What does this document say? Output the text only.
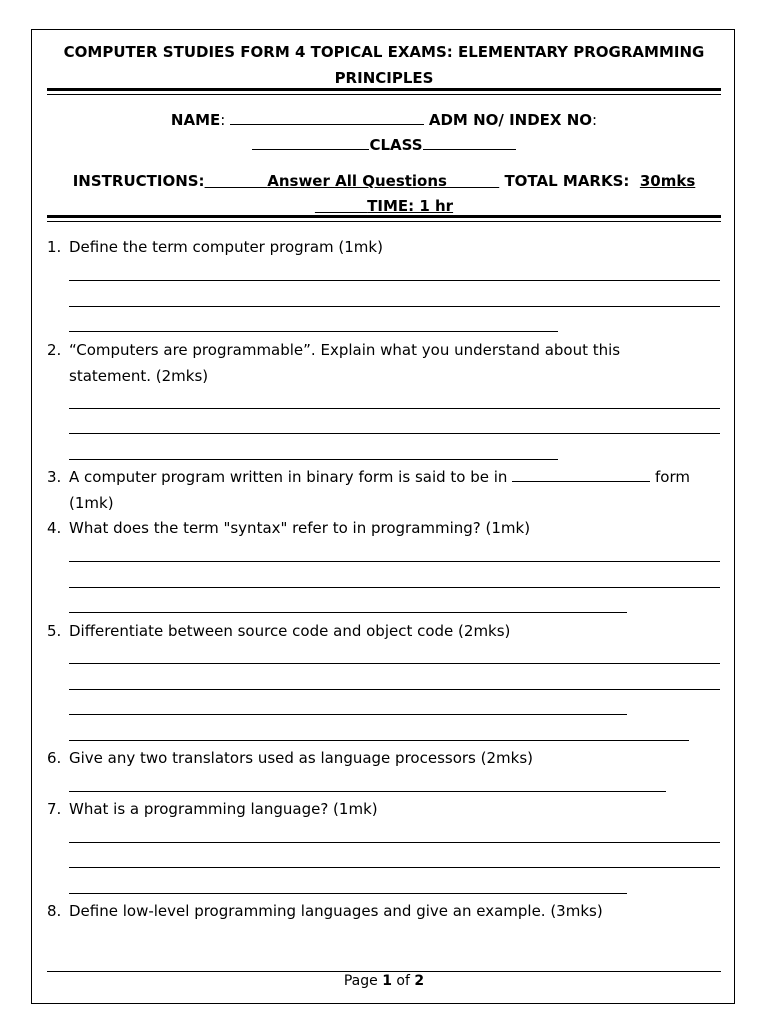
COMPUTER STUDIES FORM 4 TOPICAL EXAMS: ELEMENTARY PROGRAMMING
PRINCIPLES
NAME:	ADM NO/ INDEX NO:
CLASS
INSTRUCTIONS:	Answer All Questions	TOTAL MARKS: 30mks
TIME: 1 hr
1. Define the term computer program (1mk)
2. “Computers are programmable”. Explain what you understand about this
statement. (2mks)
3. A computer program written in binary form is said to be in	form
(1mk)
4. What does the term "syntax" refer to in programming? (1mk)
5. Differentiate between source code and object code (2mks)
6. Give any two translators used as language processors (2mks)
7. What is a programming language? (1mk)
8. Define low-level programming languages and give an example. (3mks)
Page 1 of 2
